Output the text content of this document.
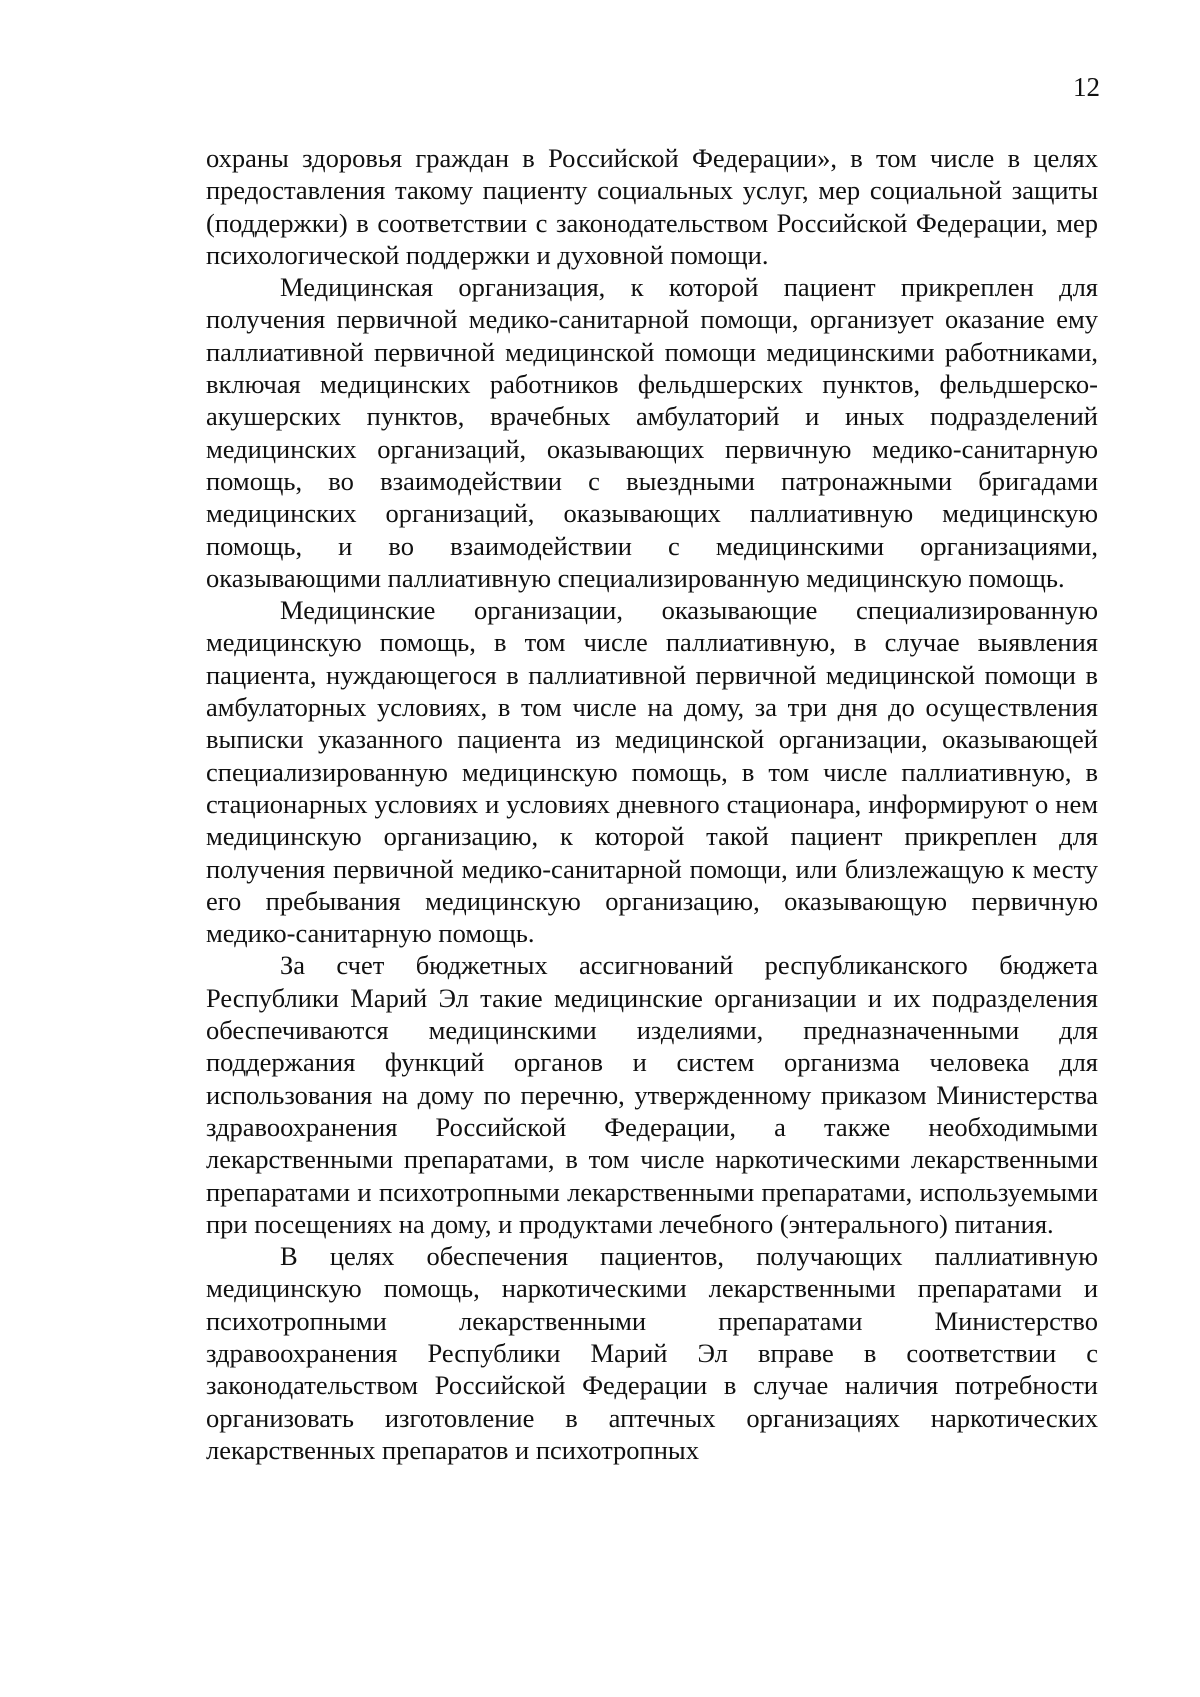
12

охраны здоровья граждан в Российской Федерации», в том числе в целях предоставления такому пациенту социальных услуг, мер социальной защиты (поддержки) в соответствии с законодательством Российской Федерации, мер психологической поддержки и духовной помощи.

Медицинская организация, к которой пациент прикреплен для получения первичной медико-санитарной помощи, организует оказание ему паллиативной первичной медицинской помощи медицинскими работниками, включая медицинских работников фельдшерских пунктов, фельдшерско-акушерских пунктов, врачебных амбулаторий и иных подразделений медицинских организаций, оказывающих первичную медико-санитарную помощь, во взаимодействии с выездными патронажными бригадами медицинских организаций, оказывающих паллиативную медицинскую помощь, и во взаимодействии с медицинскими организациями, оказывающими паллиативную специализированную медицинскую помощь.

Медицинские организации, оказывающие специализированную медицинскую помощь, в том числе паллиативную, в случае выявления пациента, нуждающегося в паллиативной первичной медицинской помощи в амбулаторных условиях, в том числе на дому, за три дня до осуществления выписки указанного пациента из медицинской организации, оказывающей специализированную медицинскую помощь, в том числе паллиативную, в стационарных условиях и условиях дневного стационара, информируют о нем медицинскую организацию, к которой такой пациент прикреплен для получения первичной медико-санитарной помощи, или близлежащую к месту его пребывания медицинскую организацию, оказывающую первичную медико-санитарную помощь.

За счет бюджетных ассигнований республиканского бюджета Республики Марий Эл такие медицинские организации и их подразделения обеспечиваются медицинскими изделиями, предназначенными для поддержания функций органов и систем организма человека для использования на дому по перечню, утвержденному приказом Министерства здравоохранения Российской Федерации, а также необходимыми лекарственными препаратами, в том числе наркотическими лекарственными препаратами и психотропными лекарственными препаратами, используемыми при посещениях на дому, и продуктами лечебного (энтерального) питания.

В целях обеспечения пациентов, получающих паллиативную медицинскую помощь, наркотическими лекарственными препаратами и психотропными лекарственными препаратами Министерство здравоохранения Республики Марий Эл вправе в соответствии с законодательством Российской Федерации в случае наличия потребности организовать изготовление в аптечных организациях наркотических лекарственных препаратов и психотропных
